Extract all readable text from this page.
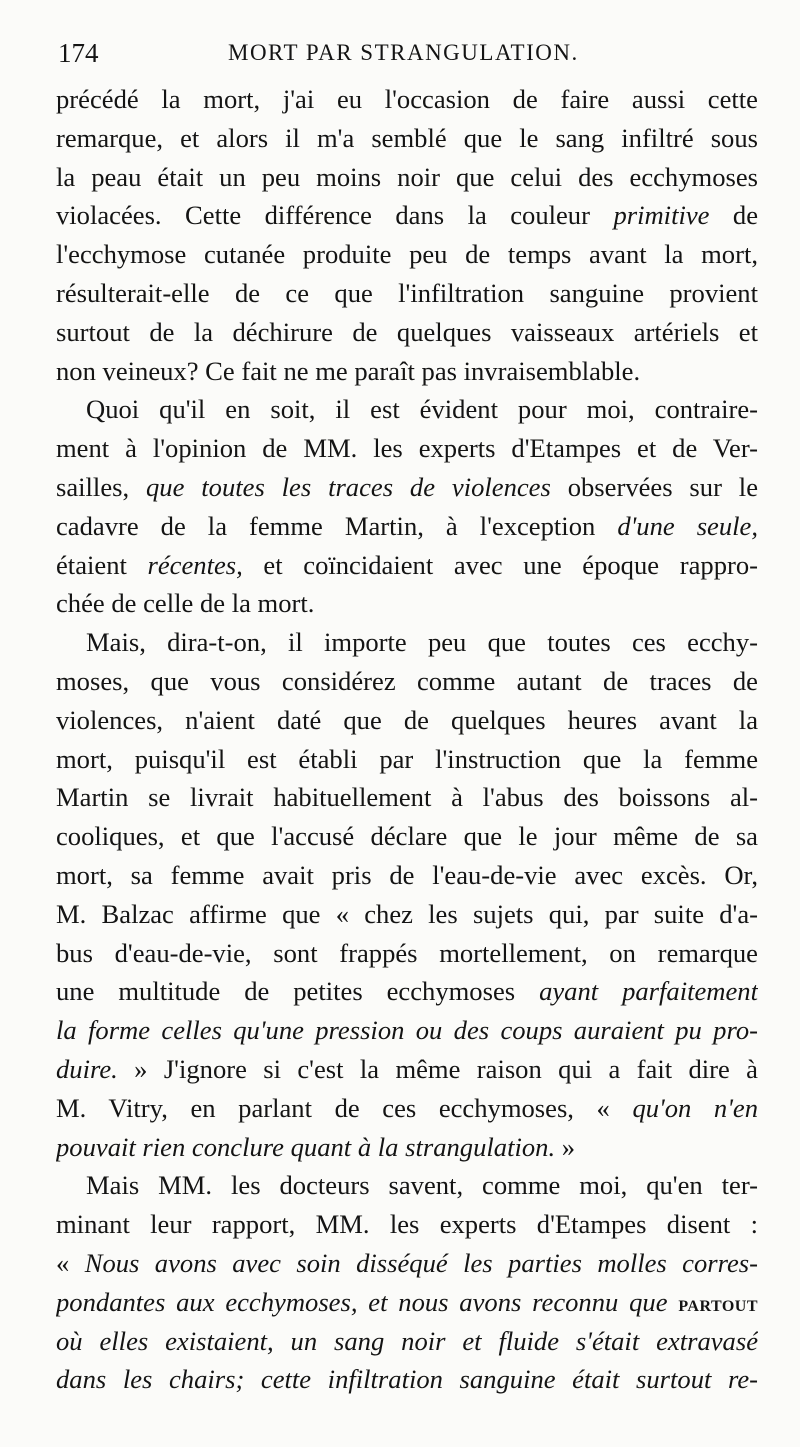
174	MORT PAR STRANGULATION.
précédé la mort, j'ai eu l'occasion de faire aussi cette
remarque, et alors il m'a semblé que le sang infiltré sous
la peau était un peu moins noir que celui des ecchymoses
violacées. Cette différence dans la couleur primitive de
l'ecchymose cutanée produite peu de temps avant la mort,
résulterait-elle de ce que l'infiltration sanguine provient
surtout de la déchirure de quelques vaisseaux artériels et
non veineux? Ce fait ne me paraît pas invraisemblable.
Quoi qu'il en soit, il est évident pour moi, contraire-
ment à l'opinion de MM. les experts d'Etampes et de Ver-
sailles, que toutes les traces de violences observées sur le
cadavre de la femme Martin, à l'exception d'une seule,
étaient récentes, et coïncidaient avec une époque rappro-
chée de celle de la mort.
Mais, dira-t-on, il importe peu que toutes ces ecchy-
moses, que vous considérez comme autant de traces de
violences, n'aient daté que de quelques heures avant la
mort, puisqu'il est établi par l'instruction que la femme
Martin se livrait habituellement à l'abus des boissons al-
cooliques, et que l'accusé déclare que le jour même de sa
mort, sa femme avait pris de l'eau-de-vie avec excès. Or,
M. Balzac affirme que « chez les sujets qui, par suite d'a-
bus d'eau-de-vie, sont frappés mortellement, on remarque
une multitude de petites ecchymoses ayant parfaitement
la forme celles qu'une pression ou des coups auraient pu pro-
duire. » J'ignore si c'est la même raison qui a fait dire à
M. Vitry, en parlant de ces ecchymoses, « qu'on n'en
pouvait rien conclure quant à la strangulation. »
Mais MM. les docteurs savent, comme moi, qu'en ter-
minant leur rapport, MM. les experts d'Etampes disent :
« Nous avons avec soin disséqué les parties molles corres-
pondantes aux ecchymoses, et nous avons reconnu que PARTOUT
où elles existaient, un sang noir et fluide s'était extravasé
dans les chairs; cette infiltration sanguine était surtout re-
